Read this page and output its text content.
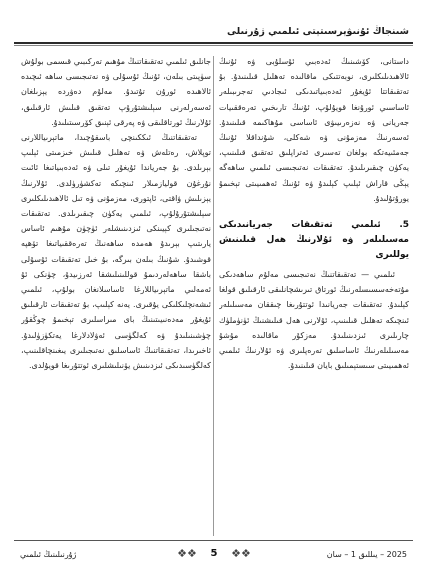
شىنجاڭ ئۇنىۋېرسىتېتى ئىلمىي ژۇرنىلى

داستانى، كۆشىنىڭ ئەدەبىي ئۇسلۇبى ۋە ئۇنىڭ ئالاھىدىلىكلىرى، نوبەتتىكى ماقالىدە تەھلىل قىلىنىدۇ. بۇ تەتقىقاتتا ئۇيغۇر ئەدەبىياتىدىكى ئىجادىي تەجرىبىلەر ئاساسىي ئورۇنغا قويۇلۇپ، ئۇنىڭ تارىخىي تەرەققىيات جەريانى ۋە نەزەرىيىۋى ئاساسى مۇھاكىمە قىلىنىدۇ. ئەسەرنىڭ مەزمۇنى ۋە شەكلى، شۇنداقلا ئۇنىڭ جەمئىيەتكە بولغان تەسىرى ئەتراپلىق تەتقىق قىلىنىپ، يەكۈن چىقىرىلىدۇ. تەتقىقات نەتىجىسى ئىلمىي ساھەگە يېڭى قاراش ئېلىپ كېلىدۇ ۋە ئۇنىڭ ئەھمىيىتى تېخىمۇ يورۇتۇلىدۇ.

5. ئىلمىي تەتقىقات جەريانىدىكى مەسىلىلەر ۋە ئۇلارنىڭ ھەل قىلىنىش يوللىرى

ئىلمىي — تەتقىقاتنىڭ نەتىجىسى مەلۇم ساھەدىكى مۇتەخەسسىسلەرنىڭ ئورتاق تىرىشچانلىقى ئارقىلىق قولغا كېلىدۇ. تەتقىقات جەريانىدا ئوتتۇرىغا چىققان مەسىلىلەر ئىنچىكە تەھلىل قىلىنىپ، ئۇلارنى ھەل قىلىشنىڭ ئۈنۈملۈك چارىلىرى ئىزدىنىلىدۇ. مەزكۇر ماقالىدە مۇشۇ مەسىلىلەرنىڭ ئاساسلىق تەرەپلىرى ۋە ئۇلارنىڭ ئىلمىي ئەھمىيىتى سىستېمىلىق بايان قىلىنىدۇ.

جانلىق ئىلمىي تەتقىقاتنىڭ مۇھىم تەركىبىي قىسمى بولۇش سۈپىتى بىلەن، ئۇنىڭ ئۇسۇلى ۋە نەتىجىسى ساھە ئىچىدە ئالاھىدە ئورۇن تۇتىدۇ. مەلۇم دەۋردە يېزىلغان ئەسەرلەرنى سېلىشتۇرۇپ تەتقىق قىلىش ئارقىلىق، ئۇلارنىڭ ئورتاقلىقى ۋە پەرقى ئېنىق كۆرسىتىلىدۇ.

تەتقىقاتنىڭ ئىككىنچى باسقۇچىدا، ماتېرىياللارنى توپلاش، رەتلەش ۋە تەھلىل قىلىش خىزمىتى ئېلىپ بېرىلدى. بۇ جەرياندا ئۇيغۇر تىلى ۋە ئەدەبىياتىغا ئائىت نۇرغۇن قوليازمىلار ئىنچىكە تەكشۈرۈلدى. ئۇلارنىڭ يېزىلىش ۋاقتى، ئاپتورى، مەزمۇنى ۋە تىل ئالاھىدىلىكلىرى سېلىشتۇرۇلۇپ، ئىلمىي يەكۈن چىقىرىلدى. تەتقىقات نەتىجىلىرى كېيىنكى ئىزدىنىشلەر ئۈچۈن مۇھىم ئاساس يارىتىپ بېرىدۇ ھەمدە ساھەنىڭ تەرەققىياتىغا تۆھپە قوشىدۇ. شۇنىڭ بىلەن بىرگە، بۇ خىل تەتقىقات ئۇسۇلى باشقا ساھەلەردىمۇ قوللىنىلىشقا ئەرزىيدۇ، چۈنكى ئۇ ئەمەلىي ماتېرىياللارغا ئاساسلانغان بولۇپ، ئىلمىي ئىشەنچلىكلىكى يۇقىرى. يەنە كېلىپ، بۇ تەتقىقات ئارقىلىق ئۇيغۇر مەدەنىيىتىنىڭ بای مىراسلىرى تېخىمۇ چوڭقۇر چۈشىنىلىدۇ ۋە كەلگۈسى ئەۋلادلارغا يەتكۈزۈلىدۇ. ئاخىرىدا، تەتقىقاتنىڭ ئاساسلىق نەتىجىلىرى يىغىنچاقلىنىپ، كەلگۈسىدىكى ئىزدىنىش يۆنىلىشلىرى ئوتتۇرىغا قويۇلدى.

2025 – يىللىق 1 – سان
❖❖	5	❖❖
ژۇرنىلىنىڭ ئىلمىي
